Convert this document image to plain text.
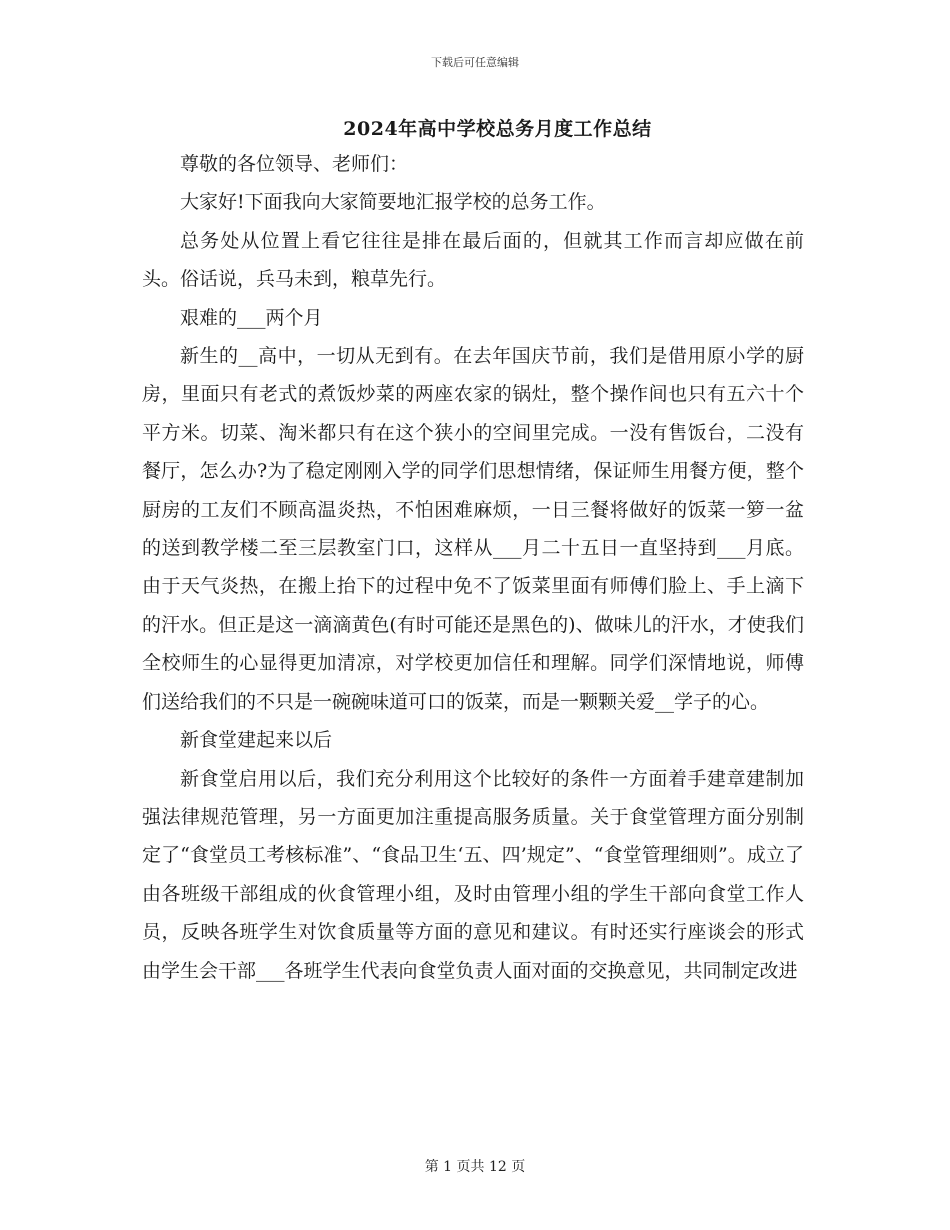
下载后可任意编辑
2024年高中学校总务月度工作总结

尊敬的各位领导、老师们：

大家好!下面我向大家简要地汇报学校的总务工作。

总务处从位置上看它往往是排在最后面的，但就其工作而言却应做在前头。俗话说，兵马未到，粮草先行。

艰难的___两个月

新生的__高中，一切从无到有。在去年国庆节前，我们是借用原小学的厨房，里面只有老式的煮饭炒菜的两座农家的锅灶，整个操作间也只有五六十个平方米。切菜、淘米都只有在这个狭小的空间里完成。一没有售饭台，二没有餐厅，怎么办?为了稳定刚刚入学的同学们思想情绪，保证师生用餐方便，整个厨房的工友们不顾高温炎热，不怕困难麻烦，一日三餐将做好的饭菜一箩一盆的送到教学楼二至三层教室门口，这样从___月二十五日一直坚持到___月底。由于天气炎热，在搬上抬下的过程中免不了饭菜里面有师傅们脸上、手上滴下的汗水。但正是这一滴滴黄色(有时可能还是黑色的)、做味儿的汗水，才使我们全校师生的心显得更加清凉，对学校更加信任和理解。同学们深情地说，师傅们送给我们的不只是一碗碗味道可口的饭菜，而是一颗颗关爱__学子的心。

新食堂建起来以后

新食堂启用以后，我们充分利用这个比较好的条件一方面着手建章建制加强法律规范管理，另一方面更加注重提高服务质量。关于食堂管理方面分别制定了“食堂员工考核标准”、“食品卫生‘五、四’规定”、“食堂管理细则”。成立了由各班级干部组成的伙食管理小组，及时由管理小组的学生干部向食堂工作人员，反映各班学生对饮食质量等方面的意见和建议。有时还实行座谈会的形式由学生会干部___各班学生代表向食堂负责人面对面的交换意见，共同制定改进

第 1 页共 12 页
